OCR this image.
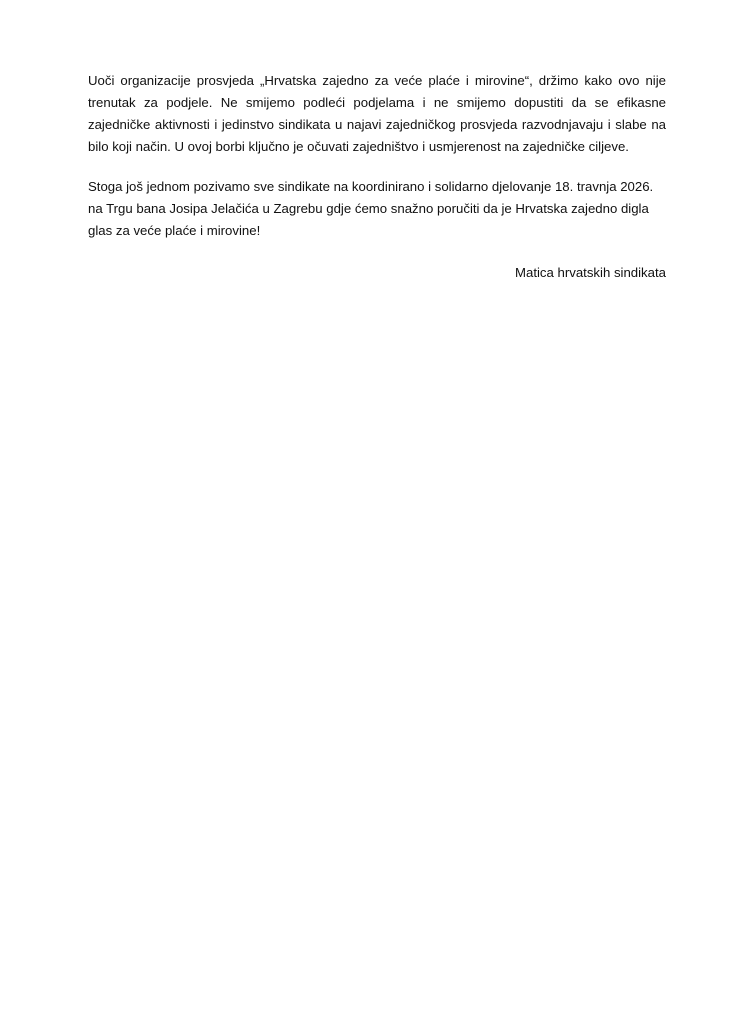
Uoči organizacije prosvjeda „Hrvatska zajedno za veće plaće i mirovine“, držimo kako ovo nije trenutak za podjele. Ne smijemo podleći podjelama i ne smijemo dopustiti da se efikasne zajedničke aktivnosti i jedinstvo sindikata u najavi zajedničkog prosvjeda razvodnjavaju i slabe na bilo koji način. U ovoj borbi ključno je očuvati zajedništvo i usmjerenost na zajedničke ciljeve.

Stoga još jednom pozivamo sve sindikate na koordinirano i solidarno djelovanje 18. travnja 2026. na Trgu bana Josipa Jelačića u Zagrebu gdje ćemo snažno poručiti da je Hrvatska zajedno digla glas za veće plaće i mirovine!

Matica hrvatskih sindikata
